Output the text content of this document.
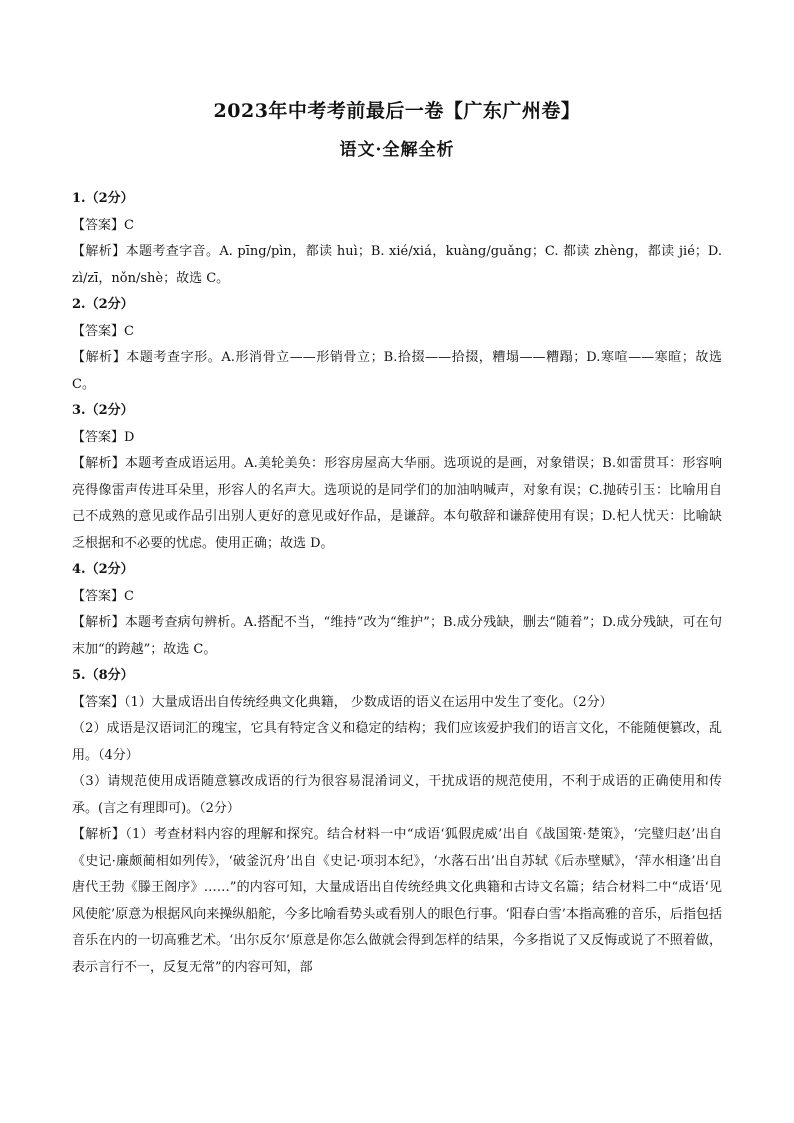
2023年中考考前最后一卷【广东广州卷】
语文·全解全析

1.（2分）

【答案】C

【解析】本题考查字音。A. pīng/pìn，都读 huì；B. xié/xiá，kuàng/guǎng；C. 都读 zhèng，都读 jié；D. zì/zī，nǒn/shè；故选 C。

2.（2分）

【答案】C

【解析】本题考查字形。A.形消骨立——形销骨立；B.拾掇——拾掇，糟塌——糟蹋；D.寒喧——寒暄；故选 C。

3.（2分）

【答案】D

【解析】本题考查成语运用。A.美轮美奂：形容房屋高大华丽。选项说的是画，对象错误；B.如雷贯耳：形容响亮得像雷声传进耳朵里，形容人的名声大。选项说的是同学们的加油呐喊声，对象有误；C.抛砖引玉：比喻用自己不成熟的意见或作品引出别人更好的意见或好作品，是谦辞。本句敬辞和谦辞使用有误；D.杞人忧天：比喻缺乏根据和不必要的忧虑。使用正确；故选 D。

4.（2分）

【答案】C

【解析】本题考查病句辨析。A.搭配不当，“维持”改为“维护”；B.成分残缺，删去“随着”；D.成分残缺，可在句末加“的跨越”；故选 C。

5.（8分）

【答案】（1）大量成语出自传统经典文化典籍， 少数成语的语义在运用中发生了变化。（2分）

（2）成语是汉语词汇的瑰宝，它具有特定含义和稳定的结构；我们应该爱护我们的语言文化，不能随便篡改，乱用。（4分）

（3）请规范使用成语随意篡改成语的行为很容易混淆词义，干扰成语的规范使用，不利于成语的正确使用和传承。(言之有理即可)。（2分）

【解析】（1）考查材料内容的理解和探究。结合材料一中“成语‘狐假虎威’出自《战国策·楚策》，‘完璧归赵’出自《史记·廉颇蔺相如列传》，‘破釜沉舟’出自《史记·项羽本纪》，‘水落石出’出自苏轼《后赤壁赋》，‘萍水相逢’出自唐代王勃《滕王阁序》……”的内容可知，大量成语出自传统经典文化典籍和古诗文名篇；结合材料二中“成语‘见风使舵’原意为根据风向来操纵船舵，今多比喻看势头或看别人的眼色行事。‘阳春白雪’本指高雅的音乐，后指包括音乐在内的一切高雅艺术。‘出尔反尔’原意是你怎么做就会得到怎样的结果，今多指说了又反悔或说了不照着做，表示言行不一，反复无常”的内容可知，部
